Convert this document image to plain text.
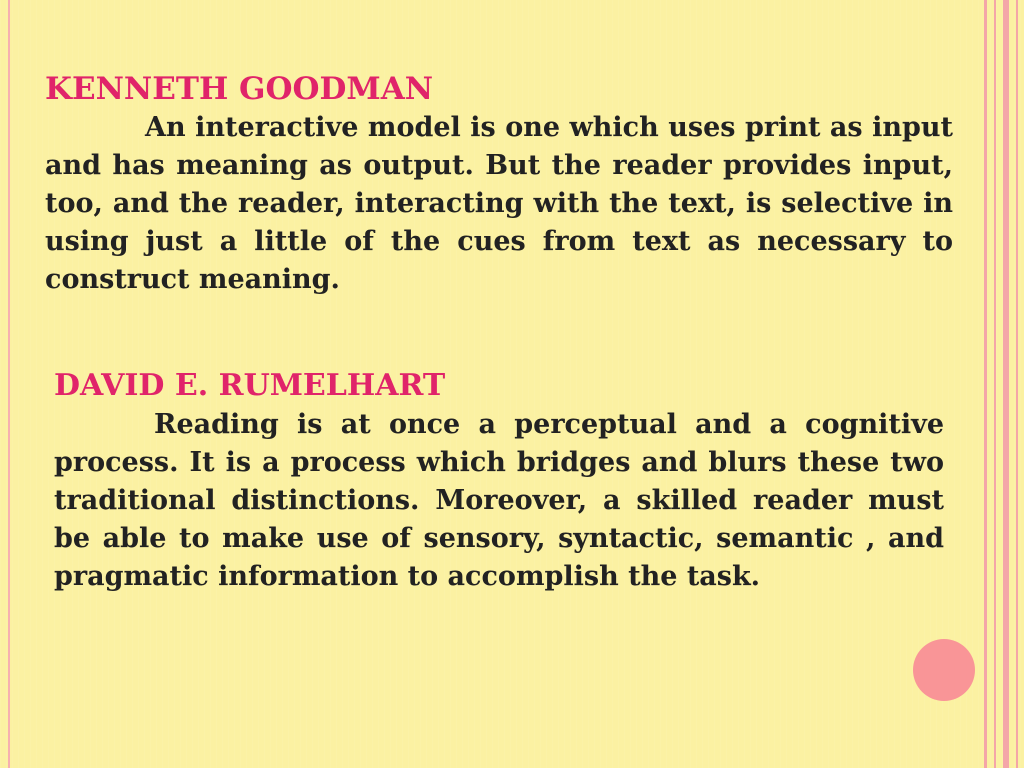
KENNETH GOODMAN

An interactive model is one which uses print as input and has meaning as output. But the reader provides input, too, and the reader, interacting with the text, is selective in using just a little of the cues from text as necessary to construct meaning.

DAVID E. RUMELHART

Reading is at once a perceptual and a cognitive process. It is a process which bridges and blurs these two traditional distinctions. Moreover, a skilled reader must be able to make use of sensory, syntactic, semantic , and pragmatic information to accomplish the task.
